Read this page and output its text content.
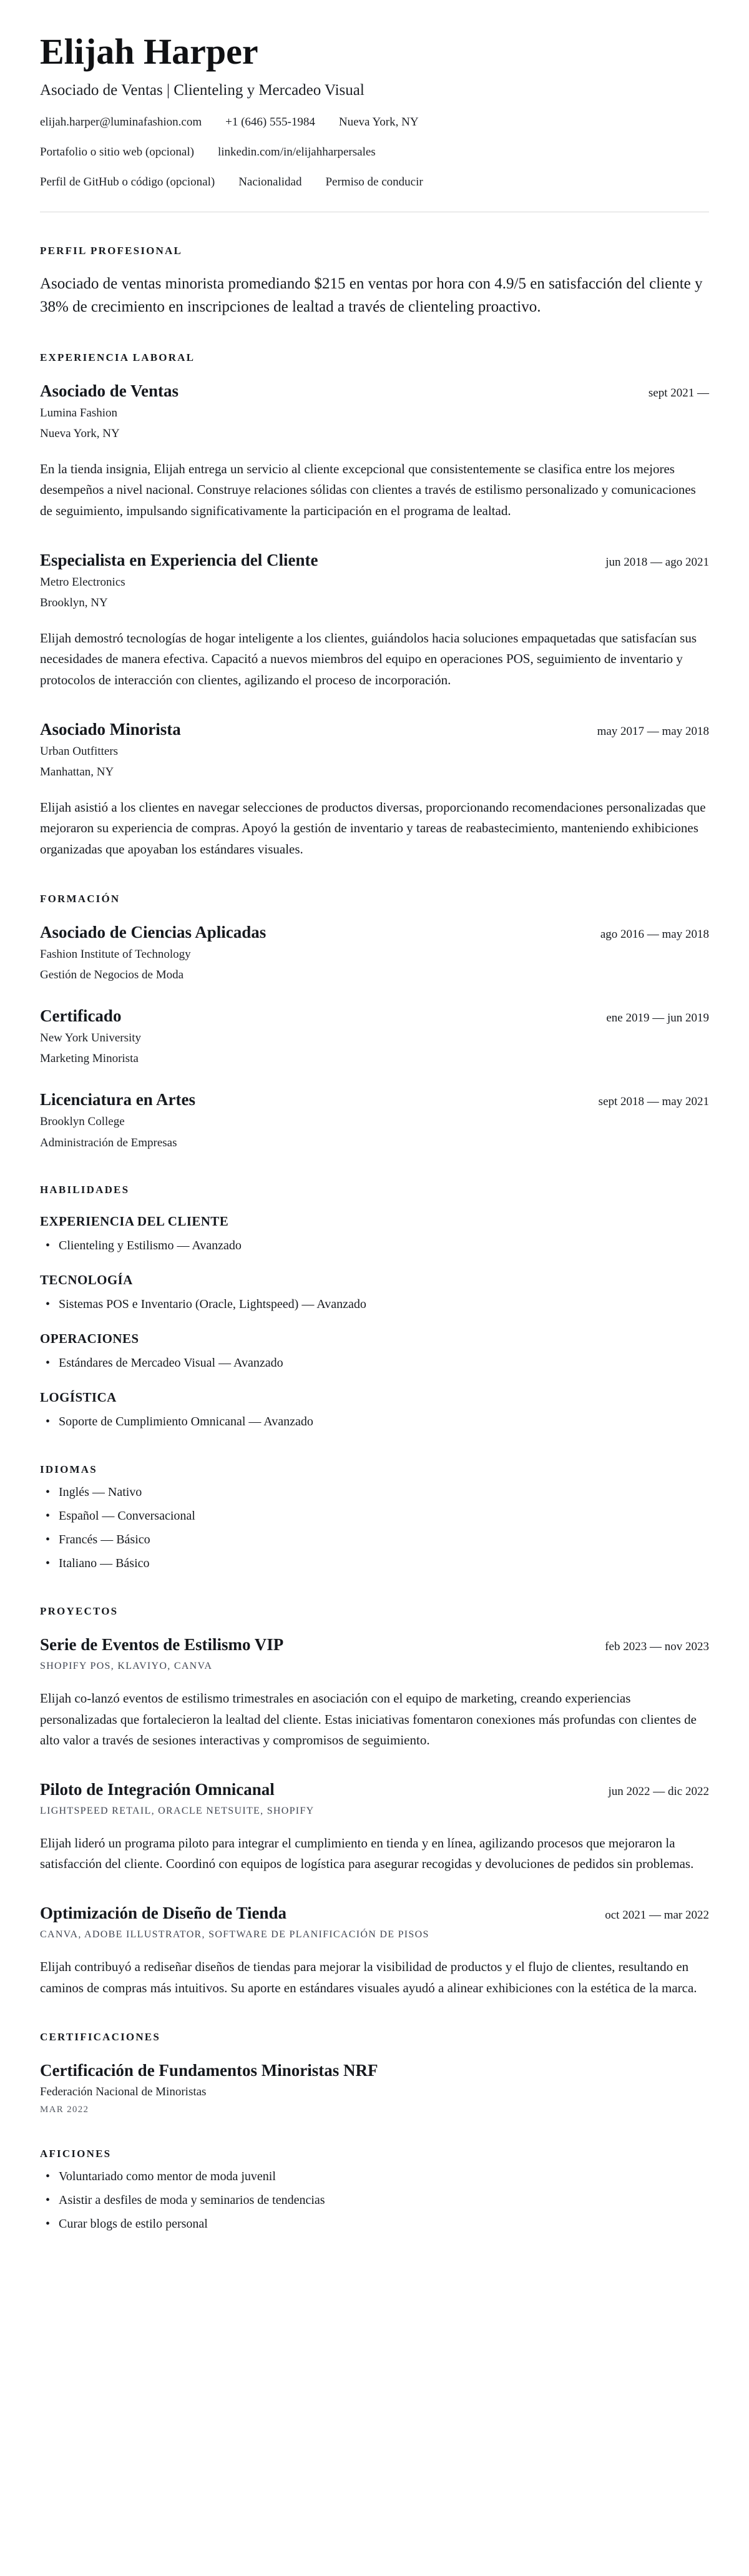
Elijah Harper
Asociado de Ventas | Clienteling y Mercadeo Visual
elijah.harper@luminafashion.com +1 (646) 555-1984 Nueva York, NY
Portafolio o sitio web (opcional) linkedin.com/in/elijahharpersales
Perfil de GitHub o código (opcional) Nacionalidad Permiso de conducir
PERFIL PROFESIONAL

Asociado de ventas minorista promediando $215 en ventas por hora con 4.9/5 en satisfacción del cliente y 38% de crecimiento en inscripciones de lealtad a través de clienteling proactivo.

EXPERIENCIA LABORAL
Asociado de Ventas	sept 2021 —
Lumina Fashion
Nueva York, NY

En la tienda insignia, Elijah entrega un servicio al cliente excepcional que consistentemente se clasifica entre los mejores desempeños a nivel nacional. Construye relaciones sólidas con clientes a través de estilismo personalizado y comunicaciones de seguimiento, impulsando significativamente la participación en el programa de lealtad.

Especialista en Experiencia del Cliente	jun 2018 — ago 2021
Metro Electronics
Brooklyn, NY

Elijah demostró tecnologías de hogar inteligente a los clientes, guiándolos hacia soluciones empaquetadas que satisfacían sus necesidades de manera efectiva. Capacitó a nuevos miembros del equipo en operaciones POS, seguimiento de inventario y protocolos de interacción con clientes, agilizando el proceso de incorporación.

Asociado Minorista	may 2017 — may 2018
Urban Outfitters
Manhattan, NY

Elijah asistió a los clientes en navegar selecciones de productos diversas, proporcionando recomendaciones personalizadas que mejoraron su experiencia de compras. Apoyó la gestión de inventario y tareas de reabastecimiento, manteniendo exhibiciones organizadas que apoyaban los estándares visuales.

FORMACIÓN
Asociado de Ciencias Aplicadas	ago 2016 — may 2018
Fashion Institute of Technology
Gestión de Negocios de Moda
Certificado	ene 2019 — jun 2019
New York University
Marketing Minorista
Licenciatura en Artes	sept 2018 — may 2021
Brooklyn College
Administración de Empresas
HABILIDADES
EXPERIENCIA DEL CLIENTE
• Clienteling y Estilismo — Avanzado
TECNOLOGÍA
• Sistemas POS e Inventario (Oracle, Lightspeed) — Avanzado
OPERACIONES
• Estándares de Mercadeo Visual — Avanzado
LOGÍSTICA
• Soporte de Cumplimiento Omnicanal — Avanzado
IDIOMAS
• Inglés — Nativo
• Español — Conversacional
• Francés — Básico
• Italiano — Básico
PROYECTOS
Serie de Eventos de Estilismo VIP	feb 2023 — nov 2023
SHOPIFY POS, KLAVIYO, CANVA

Elijah co-lanzó eventos de estilismo trimestrales en asociación con el equipo de marketing, creando experiencias personalizadas que fortalecieron la lealtad del cliente. Estas iniciativas fomentaron conexiones más profundas con clientes de alto valor a través de sesiones interactivas y compromisos de seguimiento.

Piloto de Integración Omnicanal	jun 2022 — dic 2022
LIGHTSPEED RETAIL, ORACLE NETSUITE, SHOPIFY

Elijah lideró un programa piloto para integrar el cumplimiento en tienda y en línea, agilizando procesos que mejoraron la satisfacción del cliente. Coordinó con equipos de logística para asegurar recogidas y devoluciones de pedidos sin problemas.

Optimización de Diseño de Tienda	oct 2021 — mar 2022
CANVA, ADOBE ILLUSTRATOR, SOFTWARE DE PLANIFICACIÓN DE PISOS

Elijah contribuyó a rediseñar diseños de tiendas para mejorar la visibilidad de productos y el flujo de clientes, resultando en caminos de compras más intuitivos. Su aporte en estándares visuales ayudó a alinear exhibiciones con la estética de la marca.

CERTIFICACIONES
Certificación de Fundamentos Minoristas NRF
Federación Nacional de Minoristas
MAR 2022
AFICIONES
• Voluntariado como mentor de moda juvenil
• Asistir a desfiles de moda y seminarios de tendencias
• Curar blogs de estilo personal
